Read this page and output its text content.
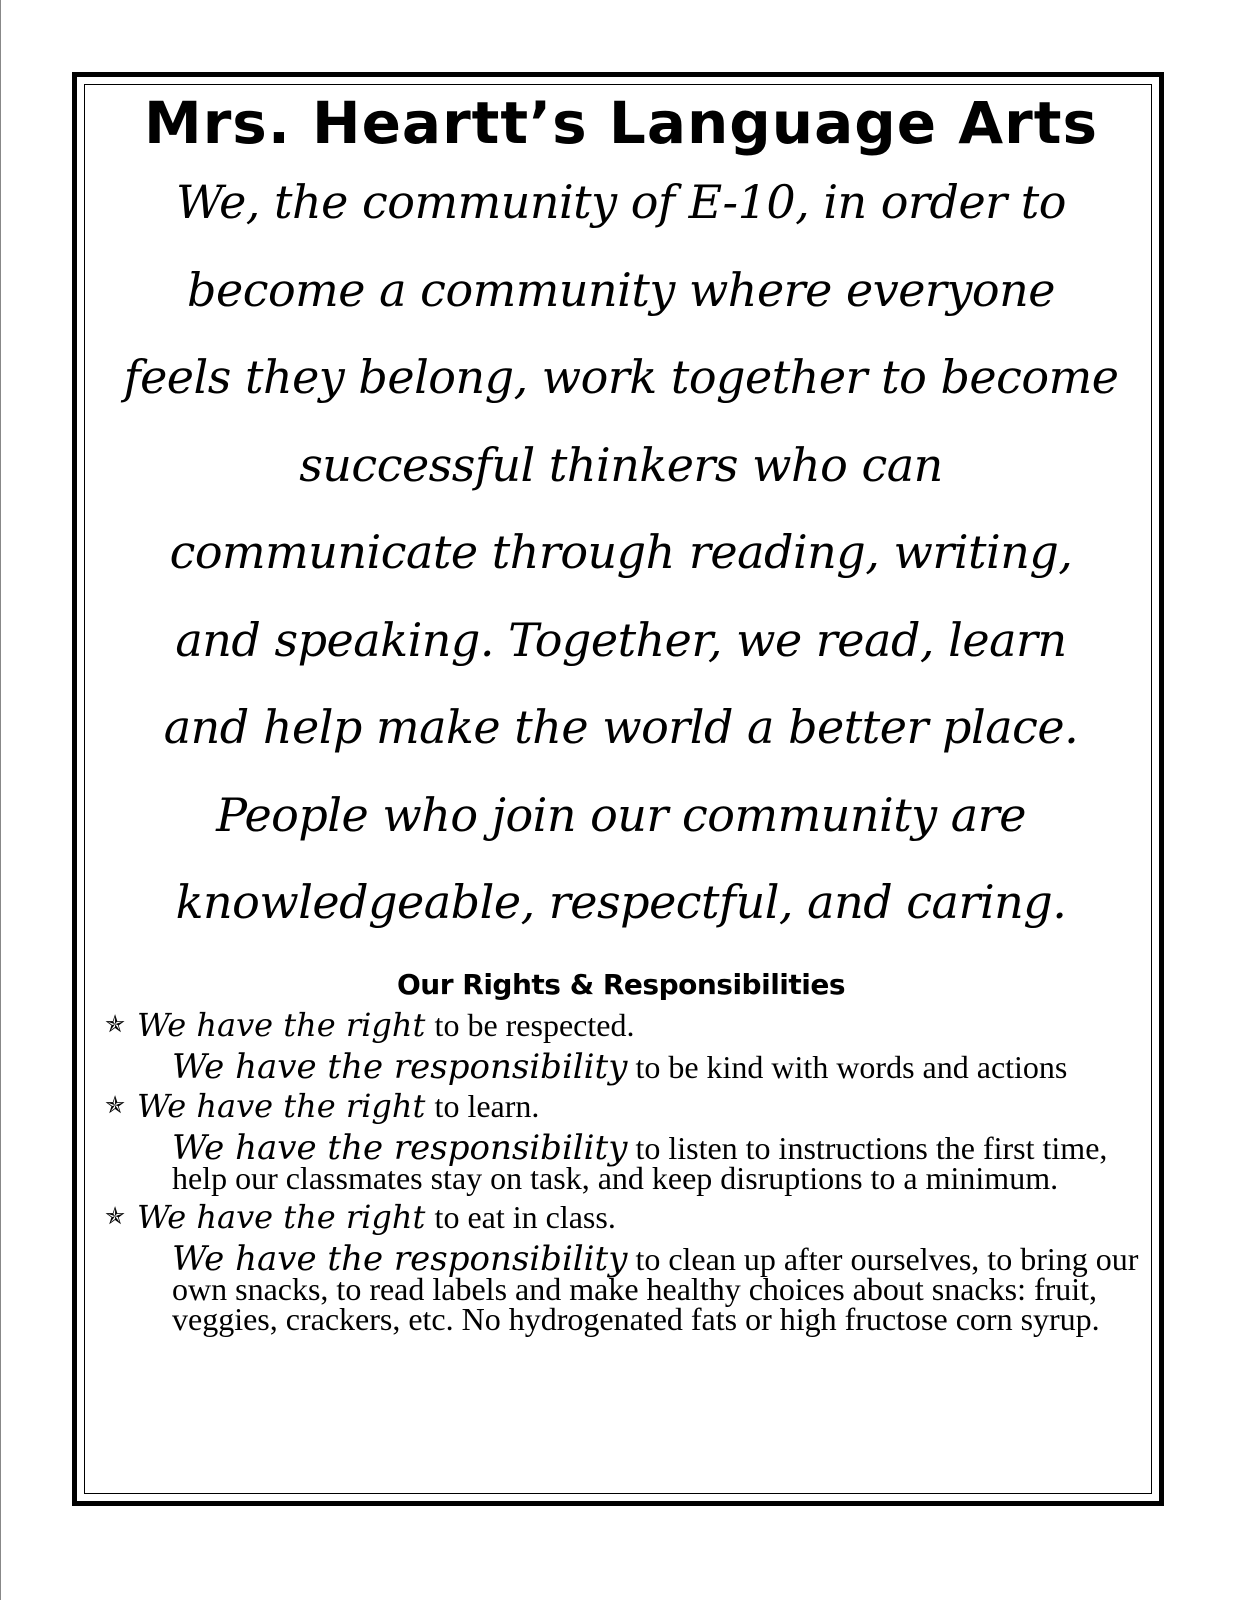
Mrs. Heartt’s Language Arts

We, the community of E-10, in order to
become a community where everyone
feels they belong, work together to become
successful thinkers who can
communicate through reading, writing,
and speaking. Together, we read, learn
and help make the world a better place.
People who join our community are
knowledgeable, respectful, and caring.

Our Rights & Responsibilities

✯ We have the right to be respected.

We have the responsibility to be kind with words and actions

✯ We have the right to learn.

We have the responsibility to listen to instructions the first time, help our classmates stay on task, and keep disruptions to a minimum.

✯ We have the right to eat in class.

We have the responsibility to clean up after ourselves, to bring our own snacks, to read labels and make healthy choices about snacks: fruit, veggies, crackers, etc. No hydrogenated fats or high fructose corn syrup.
